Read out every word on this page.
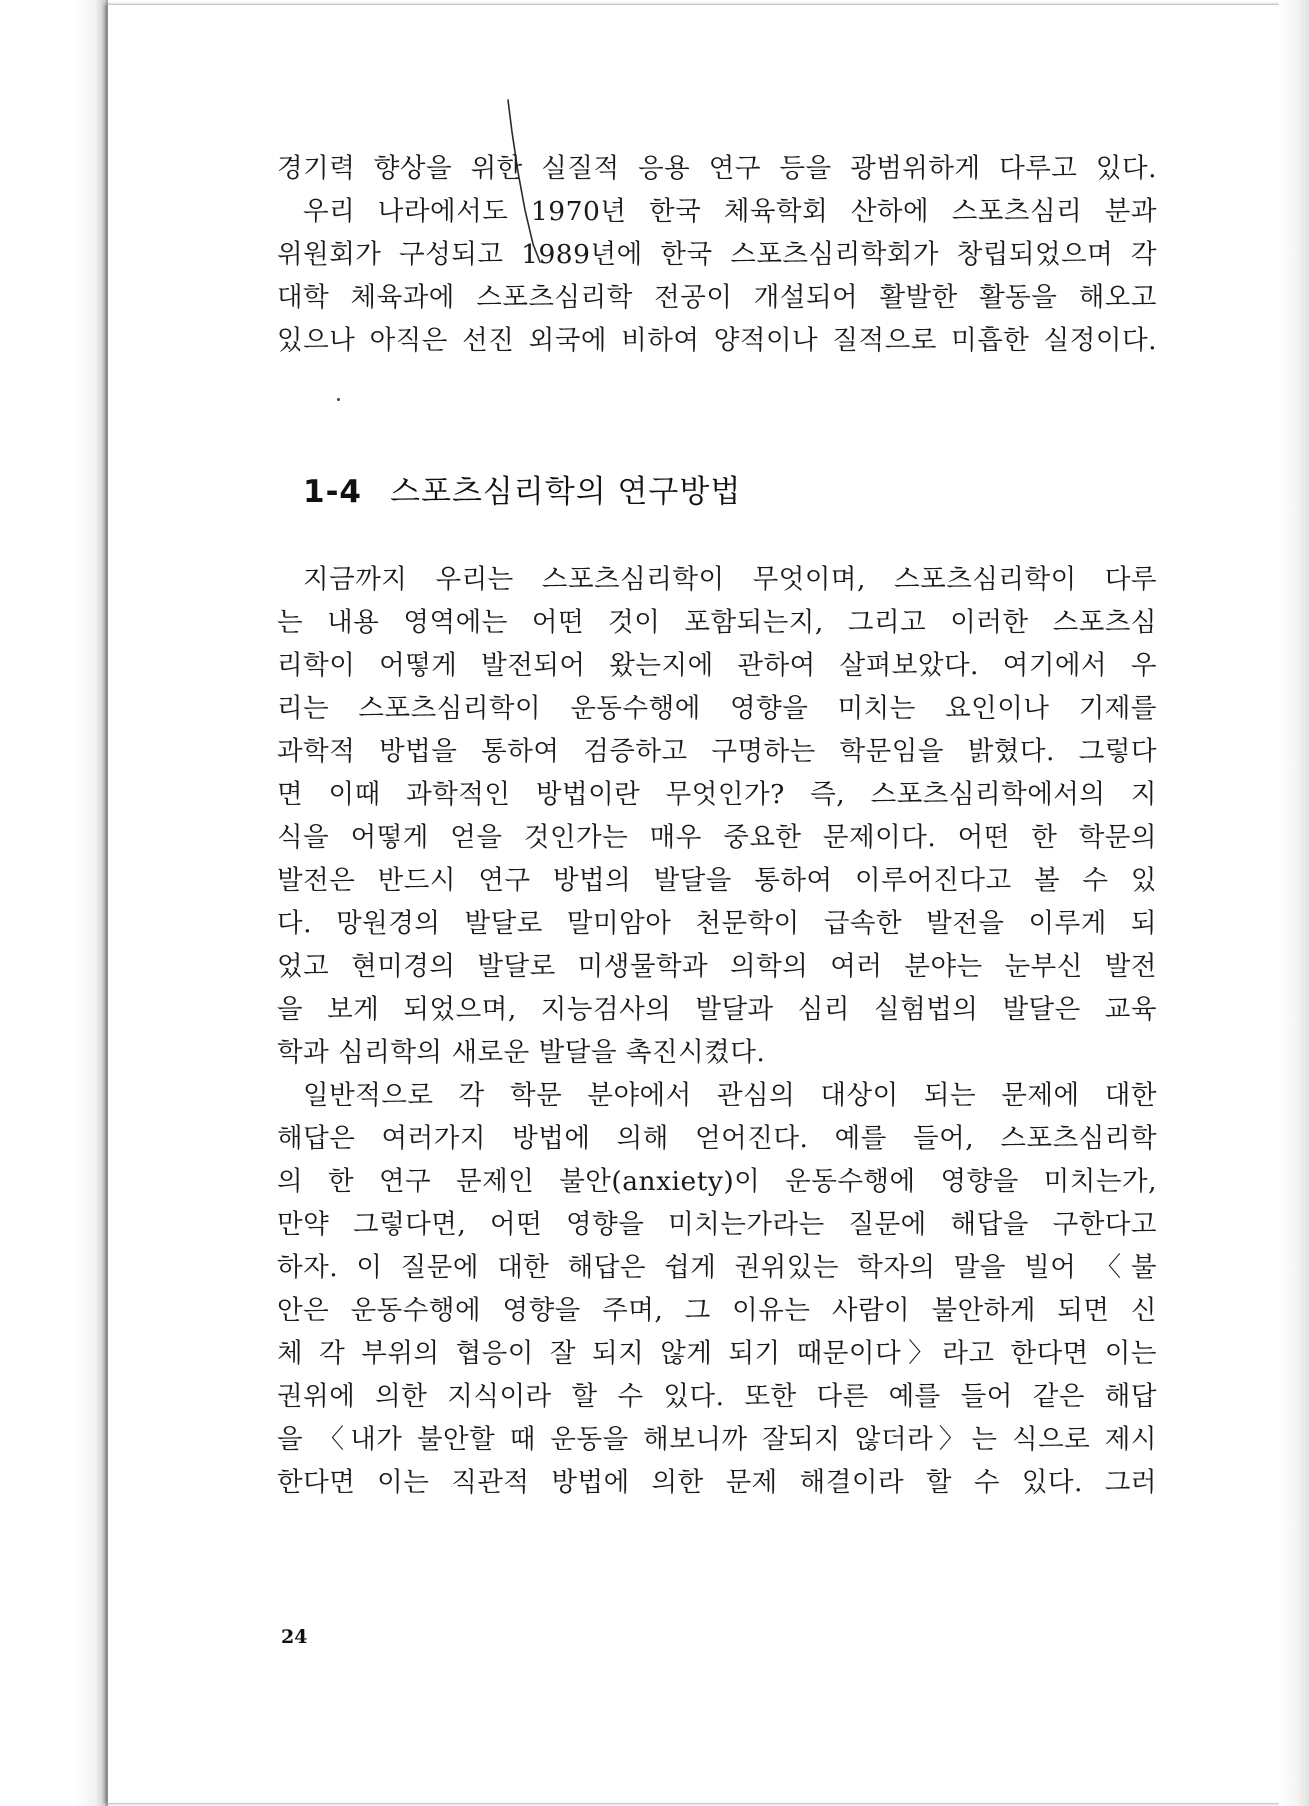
경기력 향상을 위한 실질적 응용 연구 등을 광범위하게 다루고 있다.
우리 나라에서도 1970년 한국 체육학회 산하에 스포츠심리 분과
위원회가 구성되고 1989년에 한국 스포츠심리학회가 창립되었으며 각
대학 체육과에 스포츠심리학 전공이 개설되어 활발한 활동을 해오고
있으나 아직은 선진 외국에 비하여 양적이나 질적으로 미흡한 실정이다.
1-4 스포츠심리학의 연구방법
지금까지 우리는 스포츠심리학이 무엇이며, 스포츠심리학이 다루
는 내용 영역에는 어떤 것이 포함되는지, 그리고 이러한 스포츠심
리학이 어떻게 발전되어 왔는지에 관하여 살펴보았다. 여기에서 우
리는 스포츠심리학이 운동수행에 영향을 미치는 요인이나 기제를
과학적 방법을 통하여 검증하고 구명하는 학문임을 밝혔다. 그렇다
면 이때 과학적인 방법이란 무엇인가? 즉, 스포츠심리학에서의 지
식을 어떻게 얻을 것인가는 매우 중요한 문제이다. 어떤 한 학문의
발전은 반드시 연구 방법의 발달을 통하여 이루어진다고 볼 수 있
다. 망원경의 발달로 말미암아 천문학이 급속한 발전을 이루게 되
었고 현미경의 발달로 미생물학과 의학의 여러 분야는 눈부신 발전
을 보게 되었으며, 지능검사의 발달과 심리 실험법의 발달은 교육
학과 심리학의 새로운 발달을 촉진시켰다.
일반적으로 각 학문 분야에서 관심의 대상이 되는 문제에 대한
해답은 여러가지 방법에 의해 얻어진다. 예를 들어, 스포츠심리학
의 한 연구 문제인 불안(anxiety)이 운동수행에 영향을 미치는가,
만약 그렇다면, 어떤 영향을 미치는가라는 질문에 해답을 구한다고
하자. 이 질문에 대한 해답은 쉽게 권위있는 학자의 말을 빌어 〈불
안은 운동수행에 영향을 주며, 그 이유는 사람이 불안하게 되면 신
체 각 부위의 협응이 잘 되지 않게 되기 때문이다〉라고 한다면 이는
권위에 의한 지식이라 할 수 있다. 또한 다른 예를 들어 같은 해답
을 〈내가 불안할 때 운동을 해보니까 잘되지 않더라〉는 식으로 제시
한다면 이는 직관적 방법에 의한 문제 해결이라 할 수 있다. 그러
24
